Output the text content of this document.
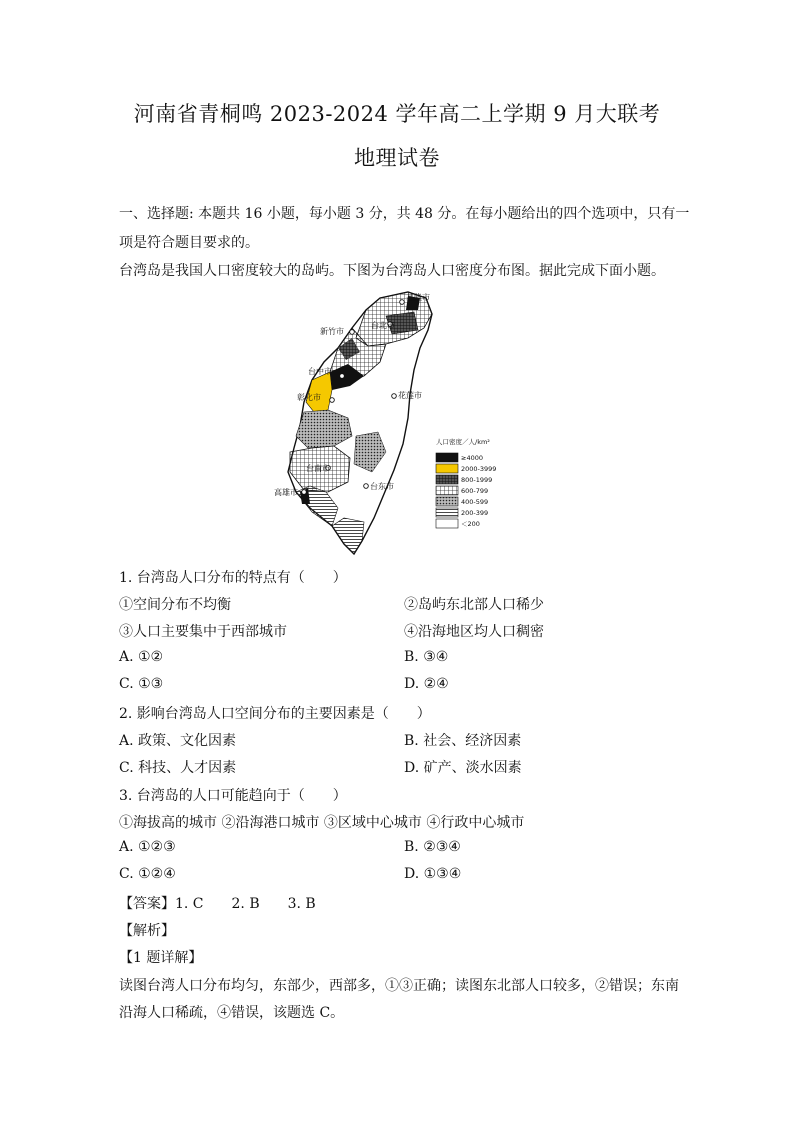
河南省青桐鸣 2023-2024 学年高二上学期 9 月大联考
地理试卷
一、选择题: 本题共 16 小题，每小题 3 分，共 48 分。在每小题给出的四个选项中，只有一
项是符合题目要求的。
台湾岛是我国人口密度较大的岛屿。下图为台湾岛人口密度分布图。据此完成下面小题。
基隆市
新竹市
台北市
台中市
彰化市	花莲市
台南市
高雄市
台东市
人口密度／人/km²
≥4000
2000-3999
800-1999
600-799
400-599
200-399
＜200
1. 台湾岛人口分布的特点有（　　）
①空间分布不均衡	②岛屿东北部人口稀少
③人口主要集中于西部城市	④沿海地区均人口稠密
A. ①②	B. ③④
C. ①③	D. ②④
2. 影响台湾岛人口空间分布的主要因素是（　　）
A. 政策、文化因素	B. 社会、经济因素
C. 科技、人才因素	D. 矿产、淡水因素
3. 台湾岛的人口可能趋向于（　　）
①海拔高的城市 ②沿海港口城市 ③区域中心城市 ④行政中心城市
A. ①②③	B. ②③④
C. ①②④	D. ①③④
【答案】1. C　　2. B　　3. B
【解析】
【1 题详解】
读图台湾人口分布均匀，东部少，西部多，①③正确；读图东北部人口较多，②错误；东南
沿海人口稀疏，④错误，该题选 C。
